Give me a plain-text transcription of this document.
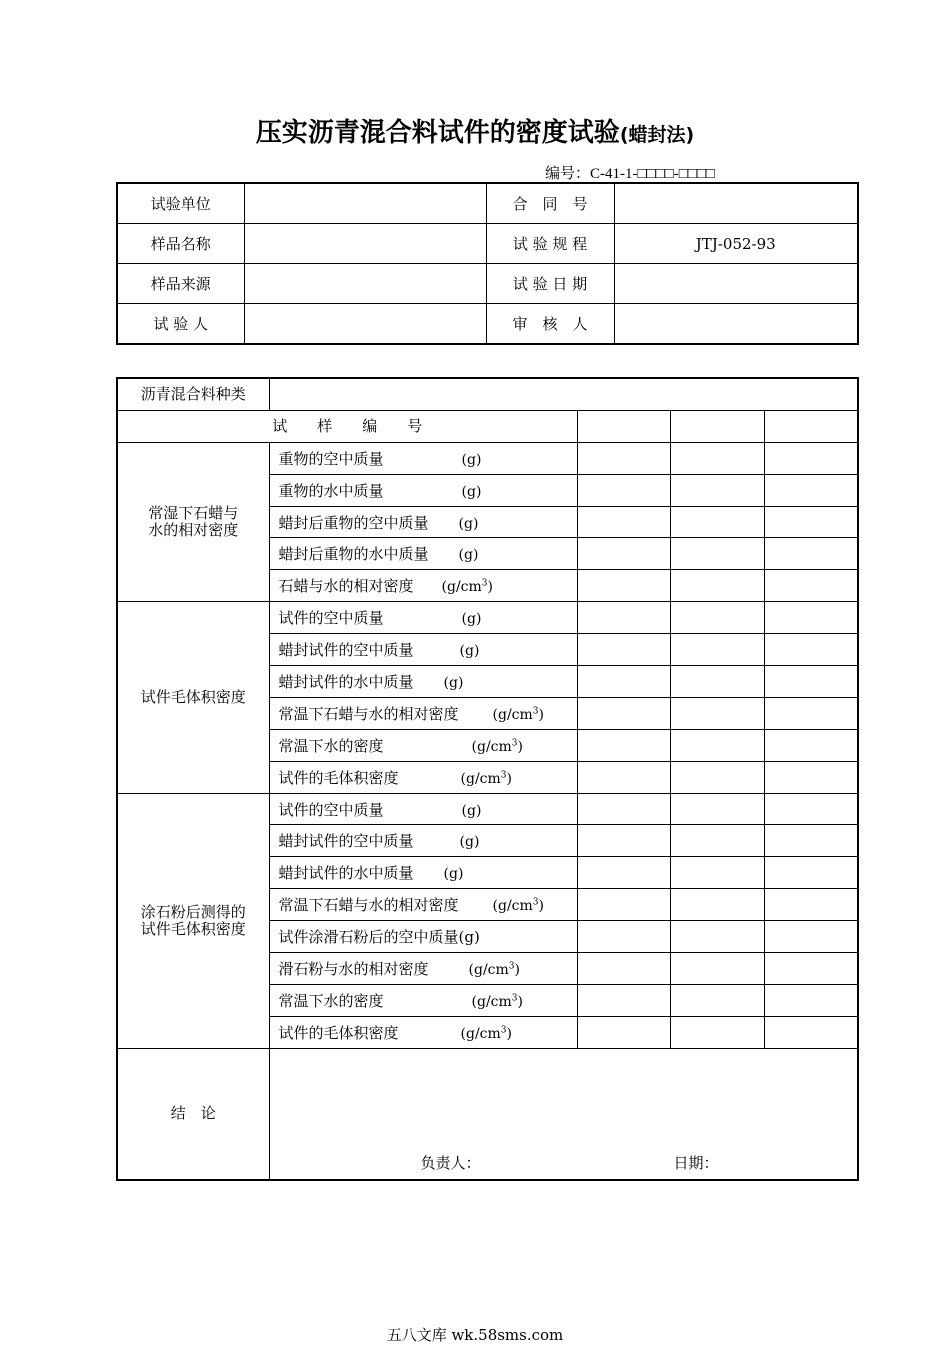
压实沥青混合料试件的密度试验(蜡封法)
编号：C-41-1-□□□□-□□□□
试验单位		合　同　号	
样品名称		试 验 规 程	JTJ-052-93
样品来源		试 验 日 期	
试 验 人		审　核　人	
沥青混合料种类				
试　　样　　编　　号				
常湿下石蜡与
水的相对密度	重物的空中质量 (g)			
	重物的水中质量 (g)			
	蜡封后重物的空中质量 (g)			
	蜡封后重物的水中质量 (g)			
	石蜡与水的相对密度 $(g/cm^3)$			
试件毛体积密度	试件的空中质量 (g)			
	蜡封试件的空中质量 (g)			
	蜡封试件的水中质量 (g)			
	常温下石蜡与水的相对密度 $(g/cm^3)$			
	常温下水的密度 $(g/cm^3)$			
	试件的毛体积密度 $(g/cm^3)$			
涂石粉后测得的
试件毛体积密度	试件的空中质量 (g)			
	蜡封试件的空中质量 (g)			
	蜡封试件的水中质量 (g)			
	常温下石蜡与水的相对密度 $(g/cm^3)$			
	试件涂滑石粉后的空中质量(g)			
	滑石粉与水的相对密度 $(g/cm^3)$			
	常温下水的密度 $(g/cm^3)$			
	试件的毛体积密度 $(g/cm^3)$			
结　论	负责人： 日期：			
五八文库 wk.58sms.com
